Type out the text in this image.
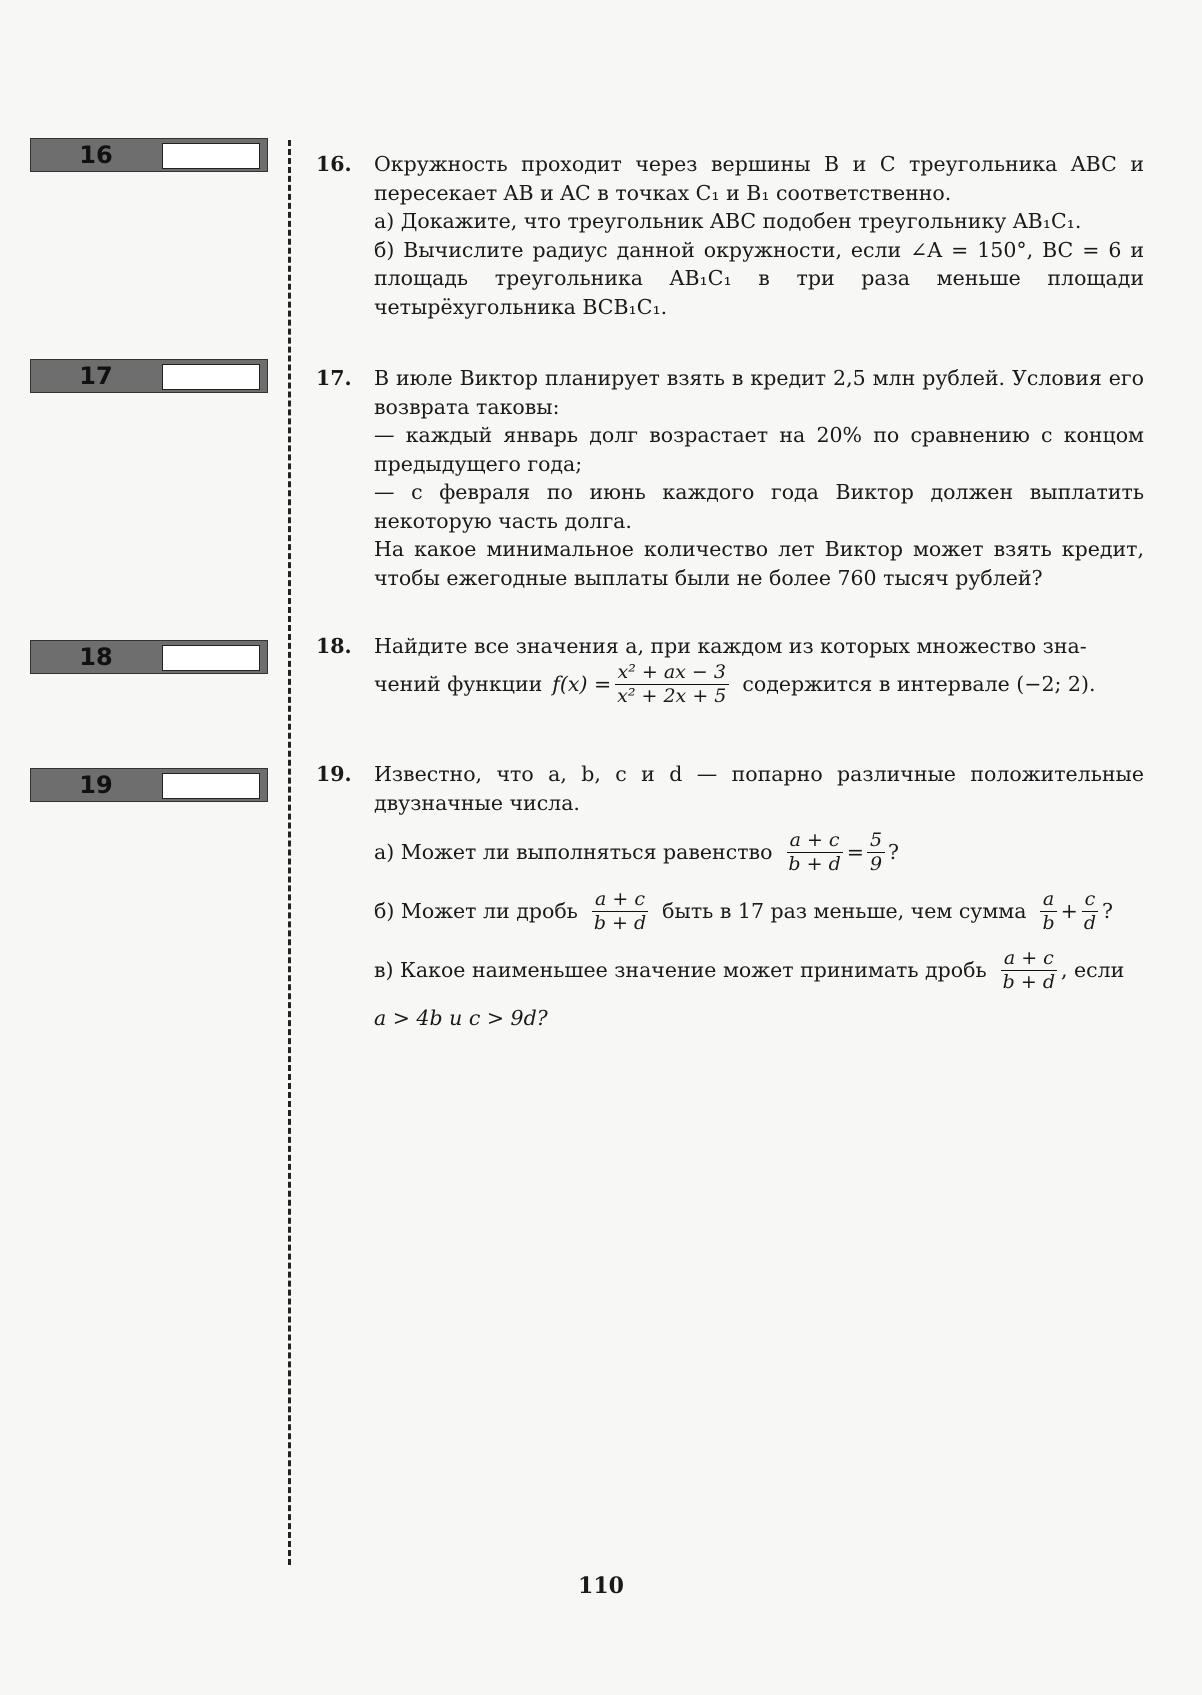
16
17
18
19
16. Окружность проходит через вершины B и C треугольника ABC и пересекает AB и AC в точках C₁ и B₁ соответственно.

а) Докажите, что треугольник ABC подобен треугольнику AB₁C₁.

б) Вычислите радиус данной окружности, если ∠A = 150°, BC = 6 и площадь треугольника AB₁C₁ в три раза меньше площади четырёхугольника BCB₁C₁.

17. В июле Виктор планирует взять в кредит 2,5 млн рублей. Условия его возврата таковы:

— каждый январь долг возрастает на 20% по сравнению с концом предыдущего года;

— с февраля по июнь каждого года Виктор должен выплатить некоторую часть долга.

На какое минимальное количество лет Виктор может взять кредит, чтобы ежегодные выплаты были не более 760 тысяч рублей?

18. Найдите все значения a, при каждом из которых множество зна-

чений функции $f(x) = \frac{\text{x² + ax − 3}}{\text{x² + 2x + 5}}$ содержится в интервале (−2; 2).
19. Известно, что a, b, c и d — попарно различные положительные двузначные числа.

а) Может ли выполняться равенство $\frac{a + c}{b + d} = \frac{5}{9}$ ?
б) Может ли дробь $\frac{a + c}{b + d}$ быть в 17 раз меньше, чем сумма $\frac{a}{b} + \frac{c}{d}$ ?
в) Какое наименьшее значение может принимать дробь $\frac{a + c}{b + d}$ , если

a > 4b и c > 9d?

110
